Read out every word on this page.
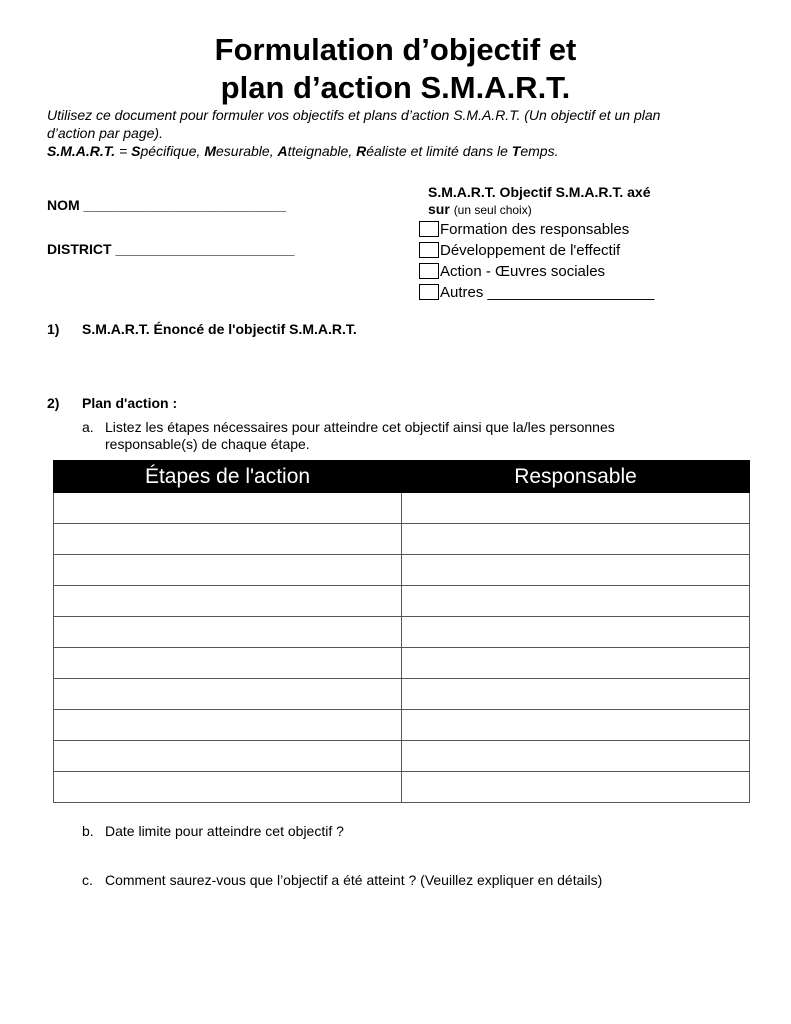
Formulation d’objectif et
plan d’action S.M.A.R.T.
Utilisez ce document pour formuler vos objectifs et plans d’action S.M.A.R.T. (Un objectif et un plan
d’action par page).
S.M.A.R.T. = Spécifique, Mesurable, Atteignable, Réaliste et limité dans le Temps.
NOM __________________________
DISTRICT _______________________
S.M.A.R.T. Objectif S.M.A.R.T. axé
sur (un seul choix)
Formation des responsables
Développement de l'effectif
Action - Œuvres sociales
Autres ____________________
1) S.M.A.R.T. Énoncé de l'objectif S.M.A.R.T.
2) Plan d'action :
a. Listez les étapes nécessaires pour atteindre cet objectif ainsi que la/les personnes
responsable(s) de chaque étape.
Étapes de l'action	Responsable

b. Date limite pour atteindre cet objectif ?
c. Comment saurez-vous que l’objectif a été atteint ? (Veuillez expliquer en détails)
